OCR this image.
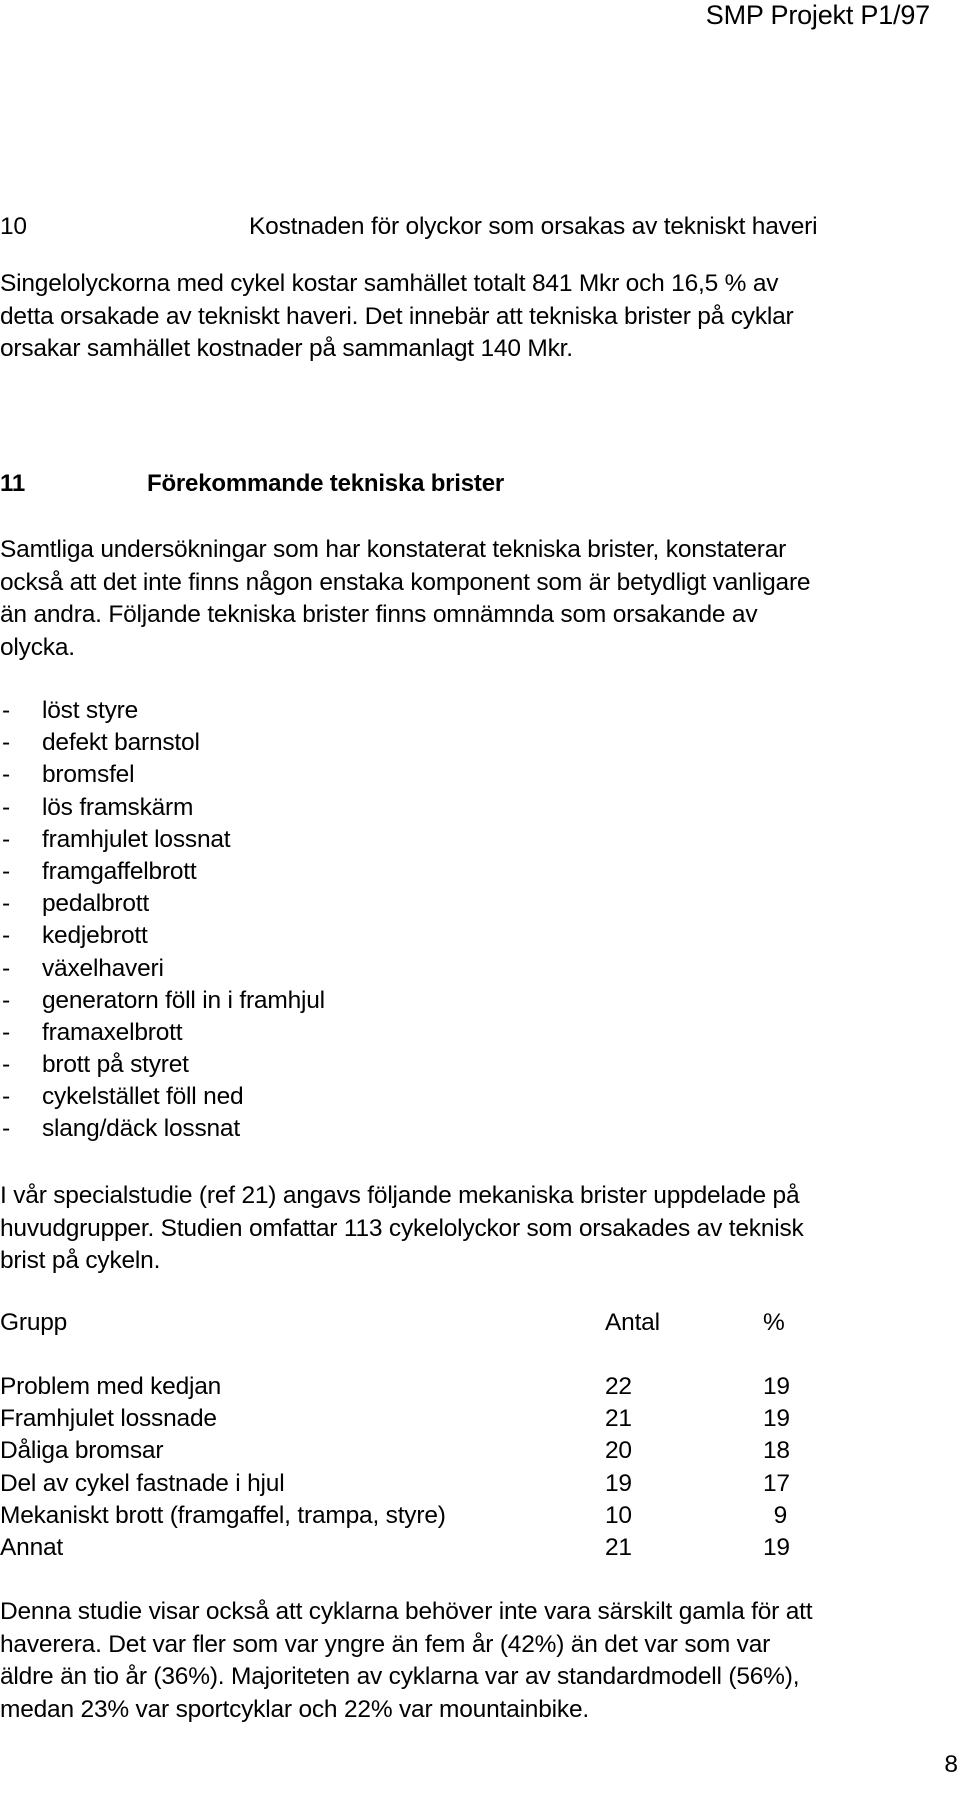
SMP Projekt P1/97
10	Kostnaden för olyckor som orsakas av tekniskt haveri
Singelolyckorna med cykel kostar samhället totalt 841 Mkr och 16,5 % av
detta orsakade av tekniskt haveri. Det innebär att tekniska brister på cyklar
orsakar samhället kostnader på sammanlagt 140 Mkr.
11	Förekommande tekniska brister
Samtliga undersökningar som har konstaterat tekniska brister, konstaterar
också att det inte finns någon enstaka komponent som är betydligt vanligare
än andra. Följande tekniska brister finns omnämnda som orsakande av
olycka.
- löst styre
- defekt barnstol
- bromsfel
- lös framskärm
- framhjulet lossnat
- framgaffelbrott
- pedalbrott
- kedjebrott
- växelhaveri
- generatorn föll in i framhjul
- framaxelbrott
- brott på styret
- cykelstället föll ned
- slang/däck lossnat
I vår specialstudie (ref 21) angavs följande mekaniska brister uppdelade på
huvudgrupper. Studien omfattar 113 cykelolyckor som orsakades av teknisk
brist på cykeln.
Grupp	Antal	%
Problem med kedjan	22	19
Framhjulet lossnade	21	19
Dåliga bromsar	20	18
Del av cykel fastnade i hjul	19	17
Mekaniskt brott (framgaffel, trampa, styre)	10	9
Annat	21	19
Denna studie visar också att cyklarna behöver inte vara särskilt gamla för att
haverera. Det var fler som var yngre än fem år (42%) än det var som var
äldre än tio år (36%). Majoriteten av cyklarna var av standardmodell (56%),
medan 23% var sportcyklar och 22% var mountainbike.
8
